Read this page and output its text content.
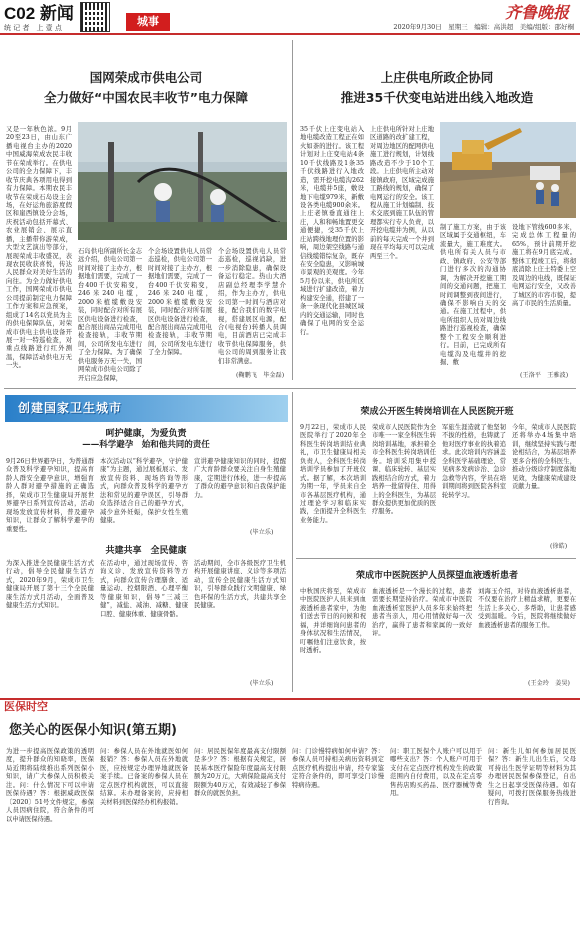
C02 新闻
统 记 者　上 壹 点	城事	齐鲁晚报
2020年9月30日　星期三　编辑：高洪超　美编/组版：邵好桐
国网荣成市供电公司
全力做好“中国农民丰收节”电力保障
又是一年秋色浓。9月20至23日，由山东广播电视台主办的2020中国威海荣成农民丰收节在荣成举行。在供电公司的全力保障下，丰收节庆典各项用电得到有力保障。本期农民丰收节在荣成石岛设主会场，在好运角旅游度假区和崖西镇设分会场，庆祝活动包括开幕式、农业展销会、展示直播，主播带你游荣成，大型文艺演出等部分，展现荣成丰收盛况，表现农民收获喜悦，传达人民群众对美好生活的向往。为全力做好供电工作，国网荣成市供电公司提前制定电力保障工作方案和应急预案，组成了14名以党员为主的供电保障队伍，对荣成市供电主供电设备开展一对一特巡检查，对重点线路进行红外测温，保障活动供电万无一失。
石岛供电所副所长金志远介绍，供电公司第一时间对接了主办方，根据地们需要，完成了一台400千伏安箱变，246米240电缆，2000米植缆敷设安装，同时配合对所有展区供电设备进行检查，配合展出商品完成用电检查接轨，丰收节期间，公司所发电车进行了全力保障。为了确保供电服务万无一失，国网荣成市供电公司除了开启应急保障，
个会场设置供电人员常态巡检，供电公司第一时间对接了主办方，根据地们需要，完成了一台400千伏安箱变，246米240电缆，2000米植缆敷设安装，同时配合对所有展区供电设备进行检查，配合展出商品完成用电检查接轨，丰收节期间，公司所发电车进行了全力保障。
个会场设置供电人员常态巡检，巡视消缺，进一步消除隐患，确保设备运行稳定。热山大酒店副总经理李学慧介绍，作为主办方，供电公司第一时间与酒店对接，配合我们的数字电视，搭建展区电源，配合(电视台)转播人员调电，目前酒店已完成丰收节供电保障服务，供电公司的周到服务让我们非常满意。
(鞠鹏飞　毕金磊)
上庄供电所政企协同
推进35千伏变电站进出线入地改造
35千伏上庄变电站入地电缆改造工程正在如火如荼的进行。该工程计划对上庄变电站4条10千伏线路及1条35千伏线路进行入地改造，需开挖电缆沟262米，电缆井5座，敷设地下电缆979米，新敷设各类电缆900余米。上庄老镇垂直通往上庄，人和和畅地置更交通便捷，受35千伏上庄站跨线地理位置的影响，周边架空线路与通信线缆错综复杂，既存在安全隐患，又影响城市景观的美观度。今年5月份以来，供电所区域进行扩建改造，着力构建安全通，搭建了一条一条现代化县城区域内的交通运输，同时也确保了电网的安全运行。
上庄供电所针对上庄地区道路的改扩建工程，对周边地区的配网供电施工进行规划，计划线路改造不少于10个工段。上庄供电所主动对接镇政府，区域完成施工路线的规划，确保了电网运行的安全。该工程从施工计划编制、技术交底到施工队伍的管理都实行专人负责，以开挖电缆井为例，从以前的每天完成一个井到现在平均每天可以完成两至三个。
制了施工方案，由于该区域属于交通枢纽，车流量大，施工难度大。供电所有关人员与市政、镇政府、公安等部门进行多次的沟通协调，为解决开挖施工期间的交通问题，把施工时间调整到夜间进行，确保不影响白天的交通。在施工过程中，供电所组织人员对周边线路进行巡视检查，确保整个工程安全顺利进行。目前，已完成所有电缆沟及电缆井的挖掘、敷
设地下管线600多米，完成总体工程量的65%，预计前期开挖施工将在9月底完成。整体工程竣工后，将彻底消除上庄土特委上空及周边的电线，既保证电网运行安全，又改善了城区的市容市貌，提高了市民的生活质量。
(王洛平　王雅波)
创建国家卫生城市
呵护健康，为爱负责
——科学避孕　始和他共同的责任
9月26日世界避孕日，为普通群众普及科学避孕知识，提高育龄人群安全避孕意识，增强育龄人群对避孕措施的正确选择，荣成市卫生健康局开展世界避孕日系列宣传活动，活动现场发放宣传材料，普及避孕知识，让群众了解科学避孕的重要性。
本次活动以“科学避孕，守护健康”为主题，通过展板展示、发放宣传资料、现场咨询等形式，向群众普及科学的避孕方法和常见的避孕误区，引导群众选择适合自己的避孕方式，减少意外妊娠，保护女性生殖健康。
宣讲避孕健康知识的同时，提醒广大育龄群众要关注自身生殖健康，定期进行体检，进一步提高了群众的避孕意识和自我保护能力。
(毕立乐)
共建共享　全民健康
为深入推进全民健康生活方式行动，倡导全民健康生活方式，2020年9月，荣成市卫生健康局开展了第十三个全民健康生活方式月活动，全面普及健康生活方式知识。
在活动中，通过现场宣传、咨询义诊、发放宣传资料等方式，向群众宣传合理膳食、适量运动、控烟限酒、心理平衡等健康知识，倡导“三减三健”，减盐、减油、减糖、健康口腔、健康体重、健康骨骼。
活动期间，全市各级医疗卫生机构开展健康讲座、义诊等多项活动，宣传全民健康生活方式知识，引导群众践行文明健康、绿色环保的生活方式，共建共享全民健康。
(毕立乐)
荣成公开医生转岗培训在人民医院开班
9月22日，荣成市人民医院举行了2020年全科医生转岗培训结业典礼，市卫生健康局相关负责人，全科医生转岗培训学员参加了开班仪式。据了解，本次培训为期一年，学员来自全市各基层医疗机构，通过理论学习和临床实践，全面提升全科医生业务能力。
荣成市人民医院作为全市唯一一家全科医生转岗培训基地，承担着全市全科医生转岗培训任务。培训采用集中授课、临床轮转、基层实践相结合的方式，着力培养一批留得住、用得上的全科医生，为基层群众提供更加优质的医疗服务。
军旅生涯造就了他坚韧不拔的性格，也铸就了他对医疗事业的执着追求。此次培训内容涵盖全科医学基础理论、常见病多发病诊治、急诊急救等内容，学员在培训期间将到医院各科室轮转学习。
今年，荣成市人民医院还将举办4场集中培训，继续坚持实践与理论相结合，为基层培养更多合格的全科医生，推动分级诊疗制度落地见效，为健康荣成建设贡献力量。
(徐皓)
荣成市中医院医护人员探望血液透析患者
中秋国庆将至，荣成市中医院医护人员来到血液透析患者家中，为他们送去节日的问候和祝福，并详细询问患者的身体状况和生活情况，叮嘱他们注意饮食，按时透析。
血液透析是一个漫长的过程，患者需要长期坚持治疗。荣成市中医院血液透析室医护人员多年来始终把患者当亲人，用心用情做好每一次治疗，赢得了患者和家属的一致好评。
刘海玉介绍，对待血液透析患者，不仅要在治疗上精益求精，更要在生活上多关心、多帮助，让患者感受到温暖。今后，医院将继续做好血液透析患者的服务工作。
(王金玲　姜昊)
医保时空
您关心的医保小知识(第五期)
为进一步提高医保政策的透明度，提升群众的知晓率，医保局近期将陆续推出系列医保小知识，请广大参保人员积极关注。问：什么情况下可以申请医保待遇？答：根据威政医保〔2020〕51号文件规定，参保人员因病住院，符合条件的可以申请医保待遇。
问：参保人员在外地就医如何报销？答：参保人员在外地就医，应按规定办理异地就医备案手续。已备案的参保人员在定点医疗机构就医，可以直接结算。未办理备案的，应持相关材料到医保经办机构报销。
问：居民医保年度最高支付限额是多少？答：根据有关规定，居民基本医疗保险年度最高支付限额为20万元，大病保险最高支付限额为40万元，有效减轻了参保群众的就医负担。
问：门诊慢特病如何申请？答：参保人员可持相关病历资料到定点医疗机构提出申请，经专家鉴定符合条件的，即可享受门诊慢特病待遇。
问：职工医保个人账户可以用于哪些支出？答：个人账户可用于支付在定点医疗机构发生的政策范围内自付费用，以及在定点零售药店购买药品、医疗器械等费用。
问：新生儿如何参加居民医保？答：新生儿出生后，父母可持出生医学证明等材料为其办理居民医保参保登记，自出生之日起享受医保待遇。如有疑问，可拨打医保服务热线进行咨询。
